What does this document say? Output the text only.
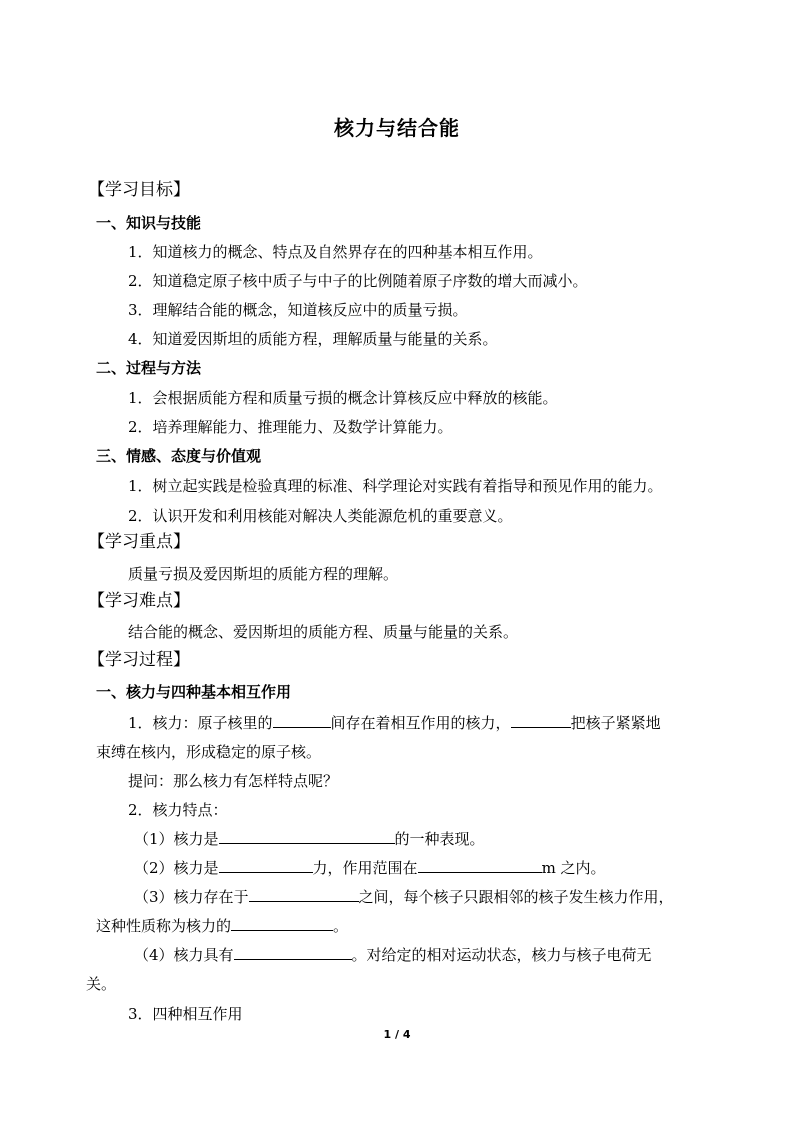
核力与结合能
【学习目标】
一、知识与技能
1．知道核力的概念、特点及自然界存在的四种基本相互作用。
2．知道稳定原子核中质子与中子的比例随着原子序数的增大而减小。
3．理解结合能的概念，知道核反应中的质量亏损。
4．知道爱因斯坦的质能方程，理解质量与能量的关系。
二、过程与方法
1．会根据质能方程和质量亏损的概念计算核反应中释放的核能。
2．培养理解能力、推理能力、及数学计算能力。
三、情感、态度与价值观
1．树立起实践是检验真理的标准、科学理论对实践有着指导和预见作用的能力。
2．认识开发和利用核能对解决人类能源危机的重要意义。
【学习重点】
质量亏损及爱因斯坦的质能方程的理解。
【学习难点】
结合能的概念、爱因斯坦的质能方程、质量与能量的关系。
【学习过程】
一、核力与四种基本相互作用
1．核力：原子核里的	间存在着相互作用的核力，	把核子紧紧地
束缚在核内，形成稳定的原子核。
提问：那么核力有怎样特点呢？
2．核力特点：
（1）核力是	的一种表现。
（2）核力是	力，作用范围在	m 之内。
（3）核力存在于	之间，每个核子只跟相邻的核子发生核力作用，
这种性质称为核力的	。
（4）核力具有	。对给定的相对运动状态，核力与核子电荷无
关。
3．四种相互作用
1 / 4
